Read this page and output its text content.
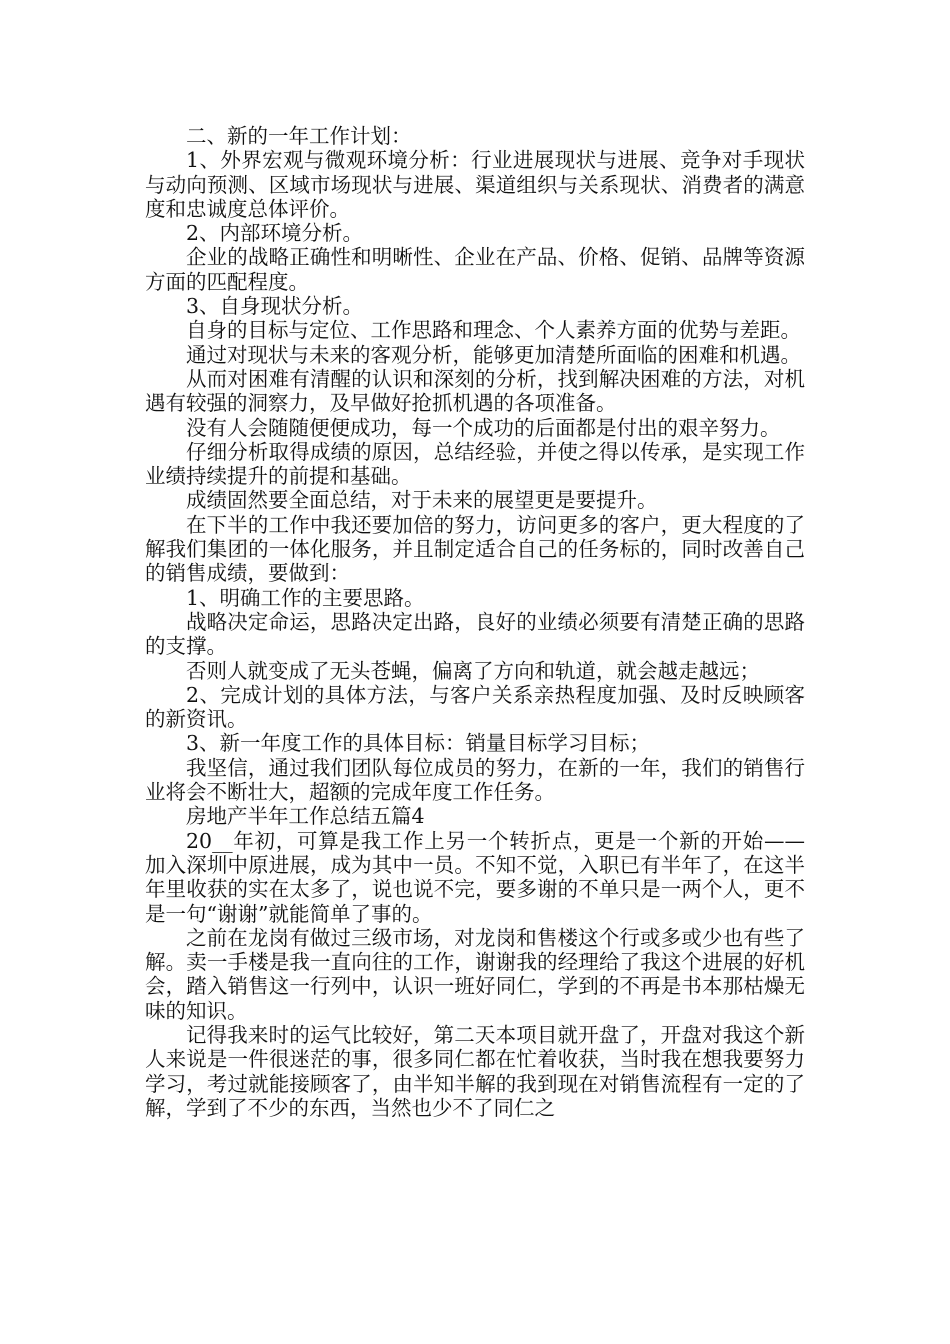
二、新的一年工作计划：

1、外界宏观与微观环境分析：行业进展现状与进展、竞争对手现状与动向预测、区域市场现状与进展、渠道组织与关系现状、消费者的满意度和忠诚度总体评价。

2、内部环境分析。

企业的战略正确性和明晰性、企业在产品、价格、促销、品牌等资源方面的匹配程度。

3、自身现状分析。

自身的目标与定位、工作思路和理念、个人素养方面的优势与差距。

通过对现状与未来的客观分析，能够更加清楚所面临的困难和机遇。

从而对困难有清醒的认识和深刻的分析，找到解决困难的方法，对机遇有较强的洞察力，及早做好抢抓机遇的各项准备。

没有人会随随便便成功，每一个成功的后面都是付出的艰辛努力。

仔细分析取得成绩的原因，总结经验，并使之得以传承，是实现工作业绩持续提升的前提和基础。

成绩固然要全面总结，对于未来的展望更是要提升。

在下半的工作中我还要加倍的努力，访问更多的客户，更大程度的了解我们集团的一体化服务，并且制定适合自己的任务标的，同时改善自己的销售成绩，要做到：

1、明确工作的主要思路。

战略决定命运，思路决定出路，良好的业绩必须要有清楚正确的思路的支撑。

否则人就变成了无头苍蝇，偏离了方向和轨道，就会越走越远；

2、完成计划的具体方法，与客户关系亲热程度加强、及时反映顾客的新资讯。

3、新一年度工作的具体目标：销量目标学习目标；

我坚信，通过我们团队每位成员的努力，在新的一年，我们的销售行业将会不断壮大，超额的完成年度工作任务。

房地产半年工作总结五篇4

20__年初，可算是我工作上另一个转折点，更是一个新的开始——加入深圳中原进展，成为其中一员。不知不觉，入职已有半年了，在这半年里收获的实在太多了，说也说不完，要多谢的不单只是一两个人，更不是一句“谢谢”就能简单了事的。

之前在龙岗有做过三级市场，对龙岗和售楼这个行或多或少也有些了解。卖一手楼是我一直向往的工作，谢谢我的经理给了我这个进展的好机会，踏入销售这一行列中，认识一班好同仁，学到的不再是书本那枯燥无味的知识。

记得我来时的运气比较好，第二天本项目就开盘了，开盘对我这个新人来说是一件很迷茫的事，很多同仁都在忙着收获，当时我在想我要努力学习，考过就能接顾客了，由半知半解的我到现在对销售流程有一定的了解，学到了不少的东西，当然也少不了同仁之
